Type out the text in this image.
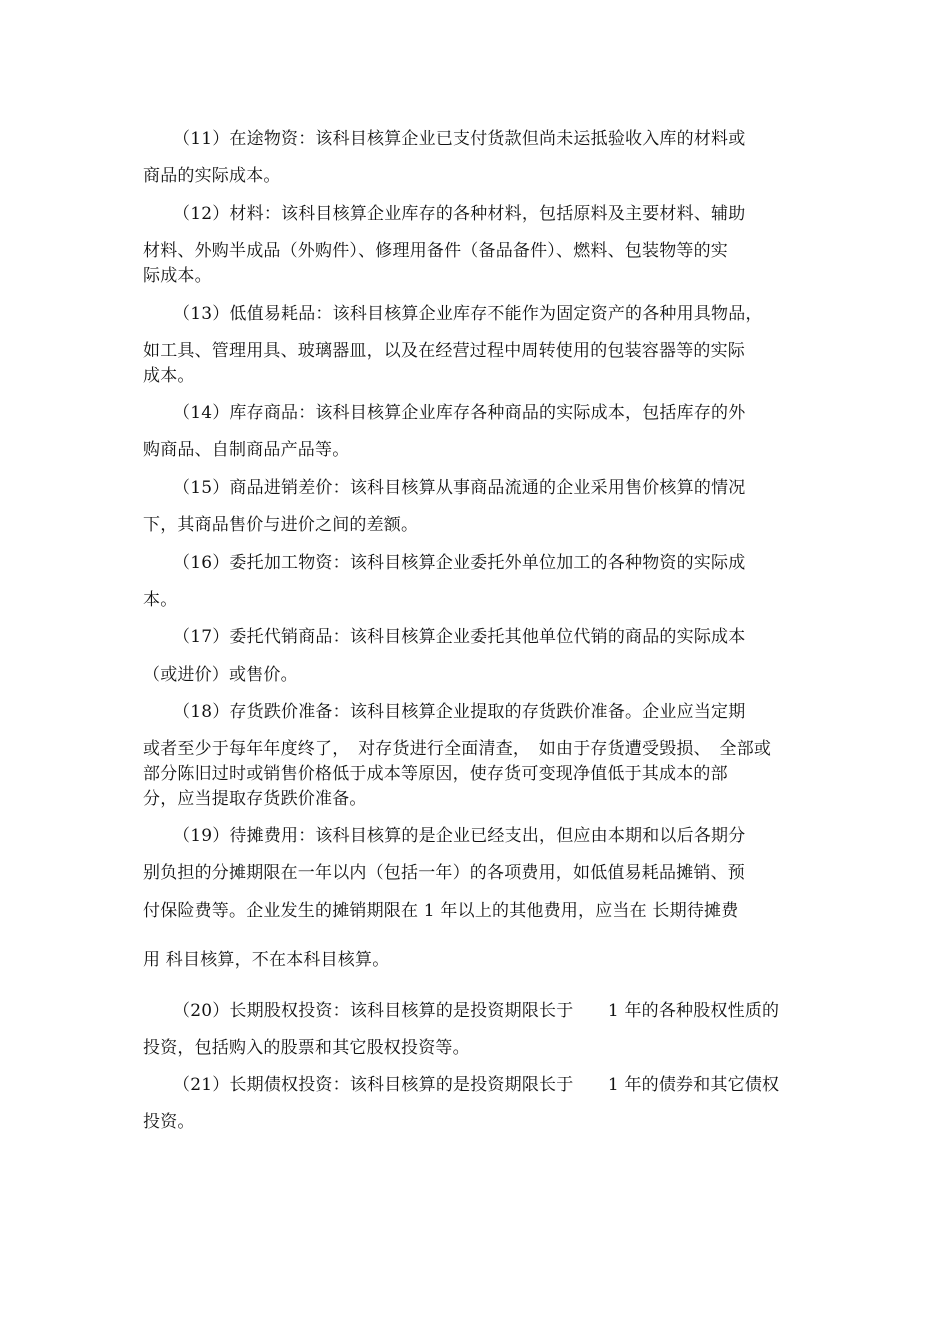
（11）在途物资：该科目核算企业已支付货款但尚未运抵验收入库的材料或
商品的实际成本。
（12）材料：该科目核算企业库存的各种材料，包括原料及主要材料、辅助
材料、外购半成品（外购件）、修理用备件（备品备件）、燃料、包装物等的实
际成本。
（13）低值易耗品：该科目核算企业库存不能作为固定资产的各种用具物品，
如工具、管理用具、玻璃器皿，以及在经营过程中周转使用的包装容器等的实际
成本。
（14）库存商品：该科目核算企业库存各种商品的实际成本，包括库存的外
购商品、自制商品产品等。
（15）商品进销差价：该科目核算从事商品流通的企业采用售价核算的情况
下，其商品售价与进价之间的差额。
（16）委托加工物资：该科目核算企业委托外单位加工的各种物资的实际成
本。
（17）委托代销商品：该科目核算企业委托其他单位代销的商品的实际成本
（或进价）或售价。
（18）存货跌价准备：该科目核算企业提取的存货跌价准备。企业应当定期
或者至少于每年年度终了，　对存货进行全面清查，　如由于存货遭受毁损、　全部或
部分陈旧过时或销售价格低于成本等原因，使存货可变现净值低于其成本的部
分，应当提取存货跌价准备。
（19）待摊费用：该科目核算的是企业已经支出，但应由本期和以后各期分
别负担的分摊期限在一年以内（包括一年）的各项费用，如低值易耗品摊销、预
付保险费等。企业发生的摊销期限在 1 年以上的其他费用，应当在 长期待摊费
用 科目核算，不在本科目核算。
（20）长期股权投资：该科目核算的是投资期限长于　　1 年的各种股权性质的
投资，包括购入的股票和其它股权投资等。
（21）长期债权投资：该科目核算的是投资期限长于　　1 年的债券和其它债权
投资。
